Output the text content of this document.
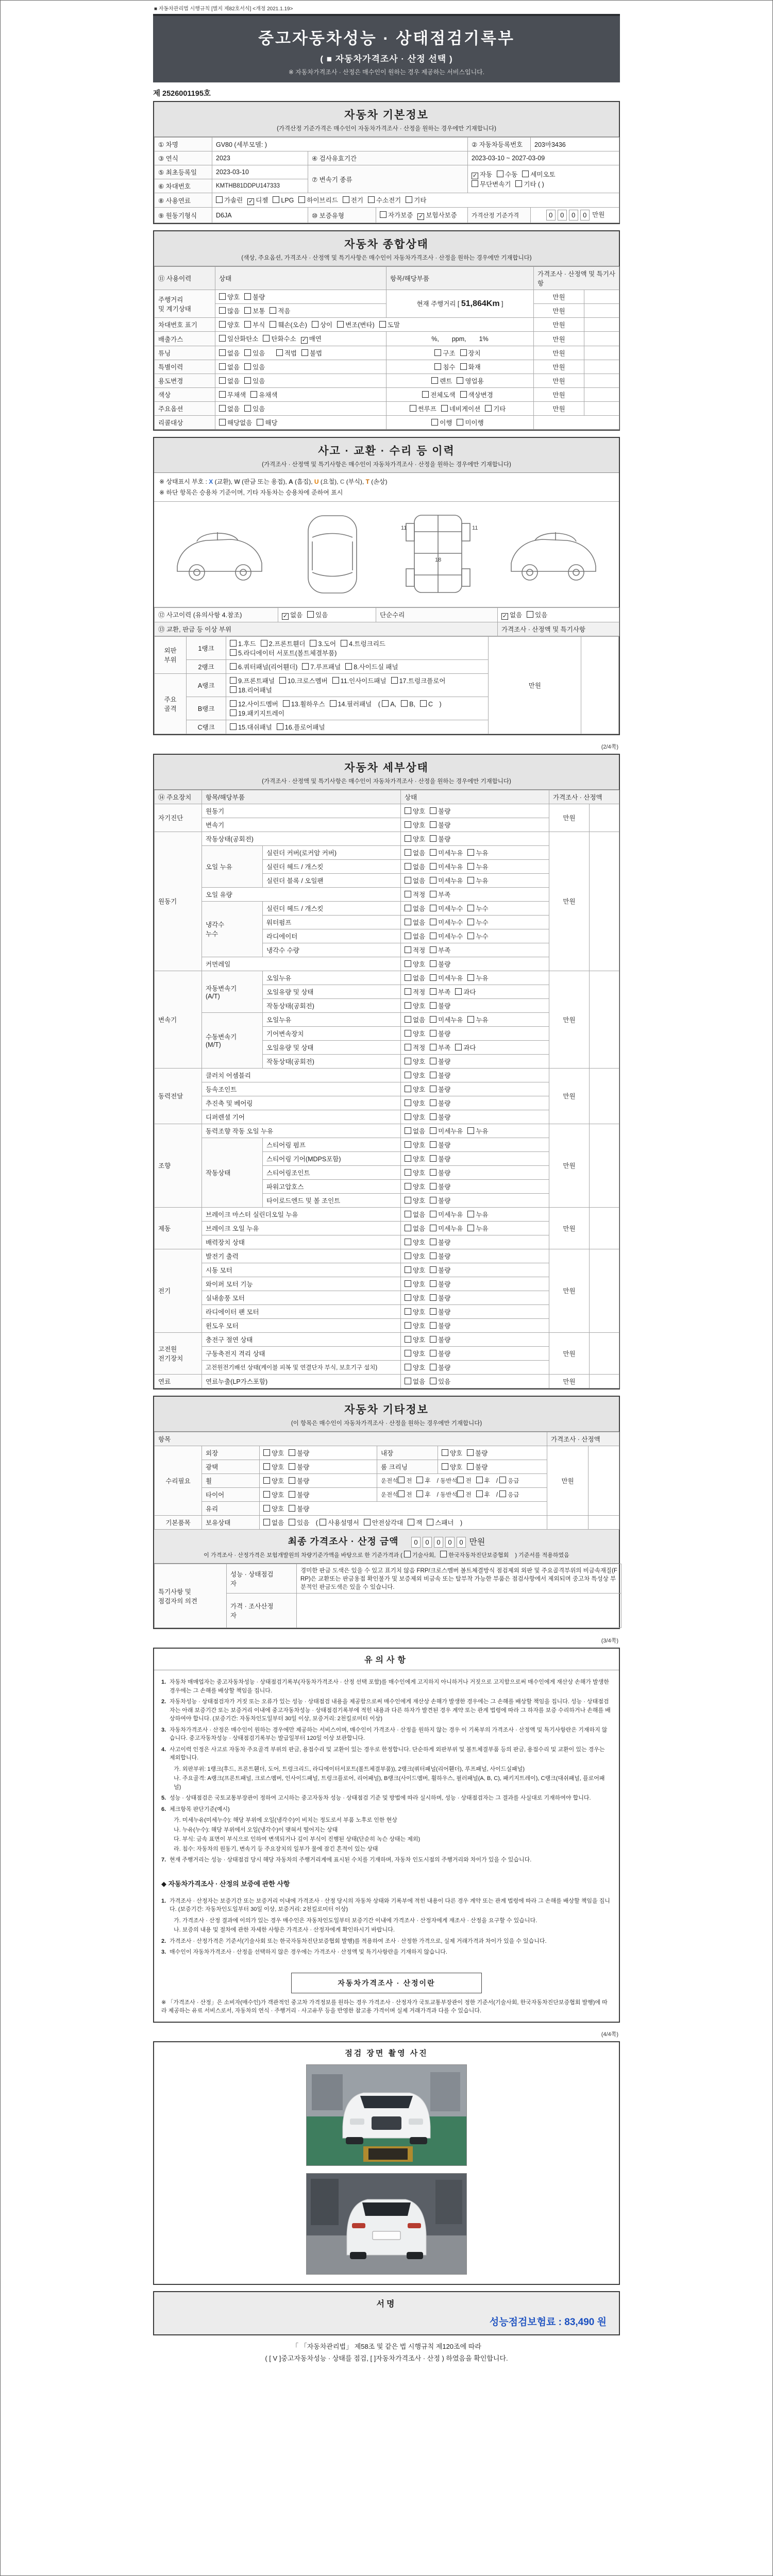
■ 자동차관리법 시행규칙 [별지 제82호서식] <개정 2021.1.19>
중고자동차성능 · 상태점검기록부
( ■ 자동차가격조사 · 산정 선택 )
※ 자동차가격조사 · 산정은 매수인이 원하는 경우 제공하는 서비스입니다.
제 2526001195호
자동차 기본정보
(가격산정 기준가격은 매수인이 자동차가격조사 · 산정을 원하는 경우에만 기재합니다)
① 차명	GV80 (세부모델: )			② 자동차등록번호	203마3436
③ 연식	2023	④ 검사유효기간		2023-03-10 ~ 2027-03-09	
⑤ 최초등록일	2023-03-10	⑦ 변속기 종류	✓자동 수동 세미오토
무단변속기 기타 ( )
⑥ 차대번호	KMTHB81DDPU147333				
⑧ 사용연료	가솔린 ✓ 디젤 LPG 하이브리드 전기 수소전기 기타
⑨ 원동기형식	D6JA	⑩ 보증유형	자가보증 ✓ 보험사보증	가격산정 기준가격	0 0 0 0 만원
자동차 종합상태
(색상, 주요옵션, 가격조사 · 산정액 및 특기사항은 매수인이 자동차가격조사 · 산정을 원하는 경우에만 기재합니다)
⑪ 사용이력	상태	항목/해당부품	가격조사 · 산정액 및 특기사항	
주행거리
및 계기상태	양호 불량	현재 주행거리 [ 51,864Km ]	만원	
	많음 보통 적음		만원	
차대번호 표기	양호 부식 훼손(오손) 상이 변조(변타) 도말		만원	
배출가스	일산화탄소 탄화수소 ✓ 매연	%,  ppm,  1%	만원	
튜닝	없음 있음  적법 불법	구조 장치	만원	
특별이력	없음 있음	침수 화재	만원	
용도변경	없음 있음	렌트 영업용	만원	
색상	무채색 유채색	전체도색 색상변경	만원	
주요옵션	없음 있음	썬루프 네비게이션 기타	만원	
리콜대상	해당없음 해당	이행 미이행		
사고 · 교환 · 수리 등 이력
(가격조사 · 산정액 및 특기사항은 매수인이 자동차가격조사 · 산정을 원하는 경우에만 기재합니다)
※ 상태표시 부호 : X (교환), W (판금 또는 용접), A (흠집), U (요철), C (부식), T (손상)
※ 하단 항목은 승용차 기준이며, 기타 자동차는 승용차에 준하여 표시
11	11
18
⑫ 사고이력 (유의사항 4.참조)	✓없음 있음	단순수리	✓없음 있음
⑬ 교환, 판금 등 이상 부위			가격조사 · 산정액 및 특기사항
외판
부위	1랭크	1.후드 2.프론트휀더 3.도어 4.트렁크리드
5.라디에이터 서포트(볼트체결부품)	만원	
	2랭크	6.쿼터패널(리어휀더) 7.루프패널 8.사이드실 패널		
주요
골격	A랭크	9.프론트패널 10.크로스멤버 11.인사이드패널 17.트렁크플로어
18.리어패널		
	B랭크	12.사이드멤버 13.휠하우스 14.필러패널 ( A, B, C )
19.패키지트레이		
	C랭크	15.대쉬패널 16.플로어패널		
(2/4쪽)
자동차 세부상태
(가격조사 · 산정액 및 특기사항은 매수인이 자동차가격조사 · 산정을 원하는 경우에만 기재합니다)
⑭ 주요장치	항목/해당부품		상태	가격조사 · 산정액	
자기진단	원동기		양호 불량	만원	
	변속기		양호 불량		
원동기	작동상태(공회전)		양호 불량	만원	
	오일 누유	실린더 커버(로커암 커버)	없음 미세누유 누유		
		실린더 헤드 / 개스킷	없음 미세누유 누유		
		실린더 블록 / 오일팬	없음 미세누유 누유		
	오일 유량		적정 부족		
	냉각수
누수	실린더 헤드 / 개스킷	없음 미세누수 누수		
		워터펌프	없음 미세누수 누수		
		라디에이터	없음 미세누수 누수		
		냉각수 수량	적정 부족		
	커먼레일		양호 불량		
변속기	자동변속기
(A/T)	오일누유	없음 미세누유 누유	만원	
		오일유량 및 상태	적정 부족 과다		
		작동상태(공회전)	양호 불량		
	수동변속기
(M/T)	오일누유	없음 미세누유 누유		
		기어변속장치	양호 불량		
		오일유량 및 상태	적정 부족 과다		
		작동상태(공회전)	양호 불량		
동력전달	클러치 어셈블리		양호 불량	만원	
	등속조인트		양호 불량		
	추진축 및 베어링		양호 불량		
	디퍼렌셜 기어		양호 불량		
조향	동력조향 작동 오일 누유		없음 미세누유 누유	만원	
	작동상태	스티어링 펌프	양호 불량		
		스티어링 기어(MDPS포함)	양호 불량		
		스티어링조인트	양호 불량		
		파워고압호스	양호 불량		
		타이로드엔드 및 볼 조인트	양호 불량		
제동	브레이크 마스터 실린더오일 누유		없음 미세누유 누유	만원	
	브레이크 오일 누유		없음 미세누유 누유		
	배력장치 상태		양호 불량		
전기	발전기 출력		양호 불량	만원	
	시동 모터		양호 불량		
	와이퍼 모터 기능		양호 불량		
	실내송풍 모터		양호 불량		
	라디에이터 팬 모터		양호 불량		
	윈도우 모터		양호 불량		
고전원
전기장치	충전구 절연 상태		양호 불량	만원	
	구동축전지 격리 상태		양호 불량		
	고전원전기배선 상태(케이블 피복 및 연결단자 부식, 보호기구 설치)		양호 불량		
연료	연료누출(LP가스포함)		없음 있음	만원	
자동차 기타정보
(이 항목은 매수인이 자동차가격조사 · 산정을 원하는 경우에만 기재합니다)
항목					가격조사 · 산정액	
수리필요	외장	양호 불량	내장	양호 불량	만원	
	광택	양호 불량	룸 크리닝	양호 불량		
	휠	양호 불량	운전석 전 후 / 동반석 전 후 / 응급			
	타이어	양호 불량	운전석 전 후 / 동반석 전 후 / 응급			
	유리	양호 불량				
기본품목	보유상태	없음 있음 ( 사용설명서 안전삼각대 잭 스패너 )				
최종 가격조사 · 산정 금액 0 0 0 0 0 만원
이 가격조사 · 산정가격은 보험개발원의 차량기준가액을 바탕으로 한 기준가격과 ( 기술사회, 한국자동차진단보증협회 ) 기준서를 적용하였음
특기사항 및
점검자의 의견	성능 · 상태점검
자	경미한 판금 도색은 있을 수 있고 표기치 않음 FRP/크로스멤버 볼트체결방식 점검제외 외판 및 주요골격부위의 비금속재질(FRP)은 교환또는 판금용접 확인불가 및 보증제외 비금속 또는 탈부착 가능한 부품은 점검사항에서 제외되며 중고차 특성상 부분적인 판금도색은 있을 수 있습니다.
	가격 · 조사산정
자	
(3/4쪽)
유의사항
1. 자동차 매매업자는 중고자동차성능 · 상태점검기록부(자동차가격조사 · 산정 선택 포함)를 매수인에게 고지하지 아니하거나 거짓으로 고지함으로써 매수인에게 재산상 손해가 발생한 경우에는 그 손해를 배상할 책임을 집니다.
2. 자동차성능 · 상태점검자가 거짓 또는 오류가 있는 성능 · 상태점검 내용을 제공함으로써 매수인에게 재산상 손해가 발생한 경우에는 그 손해를 배상할 책임을 집니다. 성능 · 상태점검자는 아래 보증기간 또는 보증거리 이내에 중고자동차성능 · 상태점검기록부에 적힌 내용과 다른 하자가 발견된 경우 계약 또는 관계 법령에 따라 그 하자를 보증 수리하거나 손해를 배상하여야 합니다. (보증기간: 자동차인도일부터 30일 이상, 보증거리: 2천킬로미터 이상)
3. 자동차가격조사 · 산정은 매수인이 원하는 경우에만 제공하는 서비스이며, 매수인이 가격조사 · 산정을 원하지 않는 경우 이 기록부의 가격조사 · 산정액 및 특기사항란은 기재하지 않습니다. 중고자동차성능 · 상태점검기록부는 발급일부터 120일 이상 보관합니다.
4. 사고이력 인정은 사고로 자동차 주요골격 부위의 판금, 용접수리 및 교환이 있는 경우로 한정합니다. 단순하게 외판부위 및 볼트체결부품 등의 판금, 용접수리 및 교환이 있는 경우는 제외합니다.
가. 외판부위: 1랭크(후드, 프론트휀더, 도어, 트렁크리드, 라디에이터서포트(볼트체결부품)), 2랭크(쿼터패널(리어휀더), 루프패널, 사이드실패널)
나. 주요골격: A랭크(프론트패널, 크로스멤버, 인사이드패널, 트렁크플로어, 리어패널), B랭크(사이드멤버, 휠하우스, 필러패널(A, B, C), 패키지트레이), C랭크(대쉬패널, 플로어패널)
5. 성능 · 상태점검은 국토교통부장관이 정하여 고시하는 중고자동차 성능 · 상태점검 기준 및 방법에 따라 실시하며, 성능 · 상태점검자는 그 결과를 사실대로 기재하여야 합니다.
6. 체크항목 판단기준(예시)
가. 미세누유(미세누수): 해당 부위에 오일(냉각수)이 비치는 정도로서 부품 노후로 인한 현상
나. 누유(누수): 해당 부위에서 오일(냉각수)이 맺혀서 떨어지는 상태
다. 부식: 금속 표면이 부식으로 인하여 변색되거나 깊이 부식이 진행된 상태(단순히 녹슨 상태는 제외)
라. 침수: 자동차의 원동기, 변속기 등 주요장치의 일부가 물에 잠긴 흔적이 있는 상태
7. 현재 주행거리는 성능 · 상태점검 당시 해당 자동차의 주행거리계에 표시된 수치를 기재하며, 자동차 인도시점의 주행거리와 차이가 있을 수 있습니다.
◆ 자동차가격조사 · 산정의 보증에 관한 사항
1. 가격조사 · 산정자는 보증기간 또는 보증거리 이내에 가격조사 · 산정 당시의 자동차 상태와 기록부에 적힌 내용이 다른 경우 계약 또는 관계 법령에 따라 그 손해를 배상할 책임을 집니다. (보증기간: 자동차인도일부터 30일 이상, 보증거리: 2천킬로미터 이상)
가. 가격조사 · 산정 결과에 이의가 있는 경우 매수인은 자동차인도일부터 보증기간 이내에 가격조사 · 산정자에게 재조사 · 산정을 요구할 수 있습니다.
나. 보증의 내용 및 절차에 관한 자세한 사항은 가격조사 · 산정자에게 확인하시기 바랍니다.
2. 가격조사 · 산정가격은 기준서(기술사회 또는 한국자동차진단보증협회 발행)를 적용하여 조사 · 산정한 가격으로, 실제 거래가격과 차이가 있을 수 있습니다.
3. 매수인이 자동차가격조사 · 산정을 선택하지 않은 경우에는 가격조사 · 산정액 및 특기사항란을 기재하지 않습니다.
자동차가격조사 · 산정이란
※ 「가격조사 · 산정」은 소비자(매수인)가 객관적인 중고차 가격정보를 원하는 경우 가격조사 · 산정자가 국토교통부장관이 정한 기준서(기술사회, 한국자동차진단보증협회 발행)에 따라 제공하는 유료 서비스로서, 자동차의 연식 · 주행거리 · 사고유무 등을 반영한 참고용 가격이며 실제 거래가격과 다를 수 있습니다.
(4/4쪽)
점검 장면 촬영 사진
서명
성능점검보험료 : 83,490 원
「 「자동차관리법」 제58조 및 같은 법 시행규칙 제120조에 따라
( [ V ]중고자동차성능 · 상태를 점검, [ ]자동차가격조사 · 산정 ) 하였음을 확인합니다.
